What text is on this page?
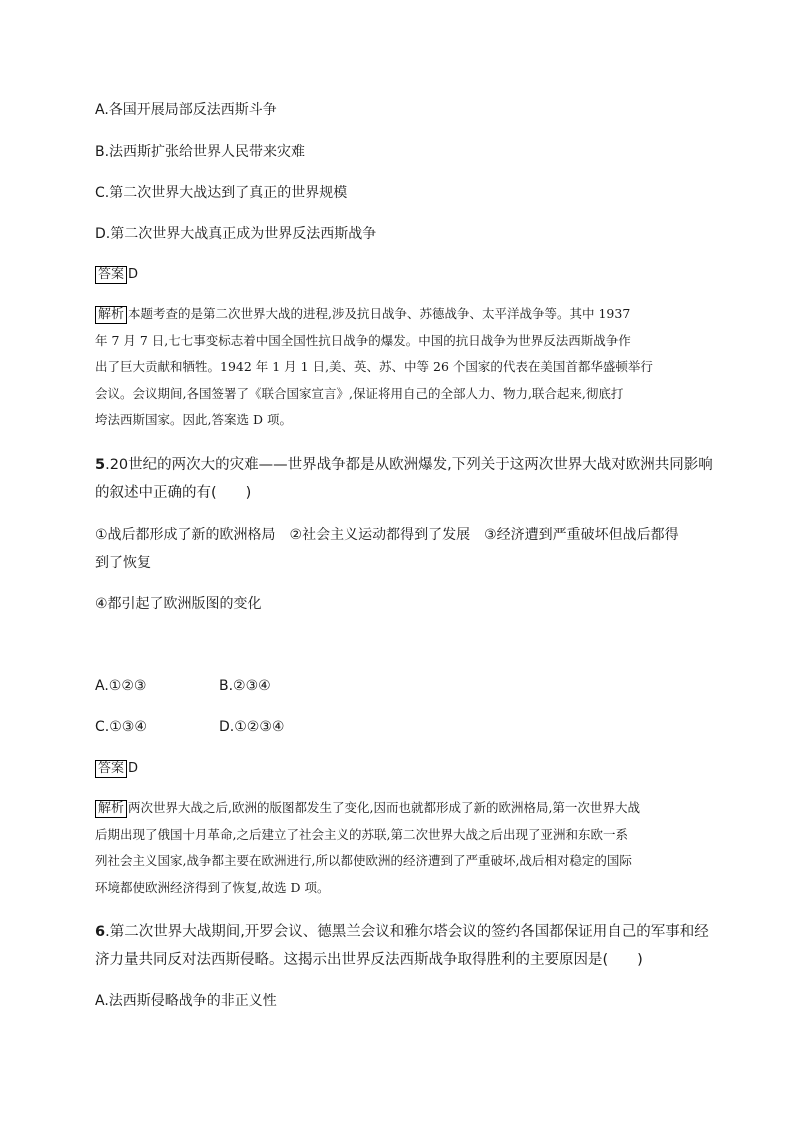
A.各国开展局部反法西斯斗争
B.法西斯扩张给世界人民带来灾难
C.第二次世界大战达到了真正的世界规模
D.第二次世界大战真正成为世界反法西斯战争
答案 D
解析 本题考查的是第二次世界大战的进程,涉及抗日战争、苏德战争、太平洋战争等。其中 1937
年 7 月 7 日,七七事变标志着中国全国性抗日战争的爆发。中国的抗日战争为世界反法西斯战争作
出了巨大贡献和牺牲。1942 年 1 月 1 日,美、英、苏、中等 26 个国家的代表在美国首都华盛顿举行
会议。会议期间,各国签署了《联合国家宣言》,保证将用自己的全部人力、物力,联合起来,彻底打
垮法西斯国家。因此,答案选 D 项。
5.20世纪的两次大的灾难——世界战争都是从欧洲爆发,下列关于这两次世界大战对欧洲共同影响
的叙述中正确的有(　　)
①战后都形成了新的欧洲格局　②社会主义运动都得到了发展　③经济遭到严重破坏但战后都得
到了恢复
④都引起了欧洲版图的变化
A.①②③	B.②③④
C.①③④	D.①②③④
答案 D
解析 两次世界大战之后,欧洲的版图都发生了变化,因而也就都形成了新的欧洲格局,第一次世界大战
后期出现了俄国十月革命,之后建立了社会主义的苏联,第二次世界大战之后出现了亚洲和东欧一系
列社会主义国家,战争都主要在欧洲进行,所以都使欧洲的经济遭到了严重破坏,战后相对稳定的国际
环境都使欧洲经济得到了恢复,故选 D 项。
6.第二次世界大战期间,开罗会议、德黑兰会议和雅尔塔会议的签约各国都保证用自己的军事和经
济力量共同反对法西斯侵略。这揭示出世界反法西斯战争取得胜利的主要原因是(　　)
A.法西斯侵略战争的非正义性
